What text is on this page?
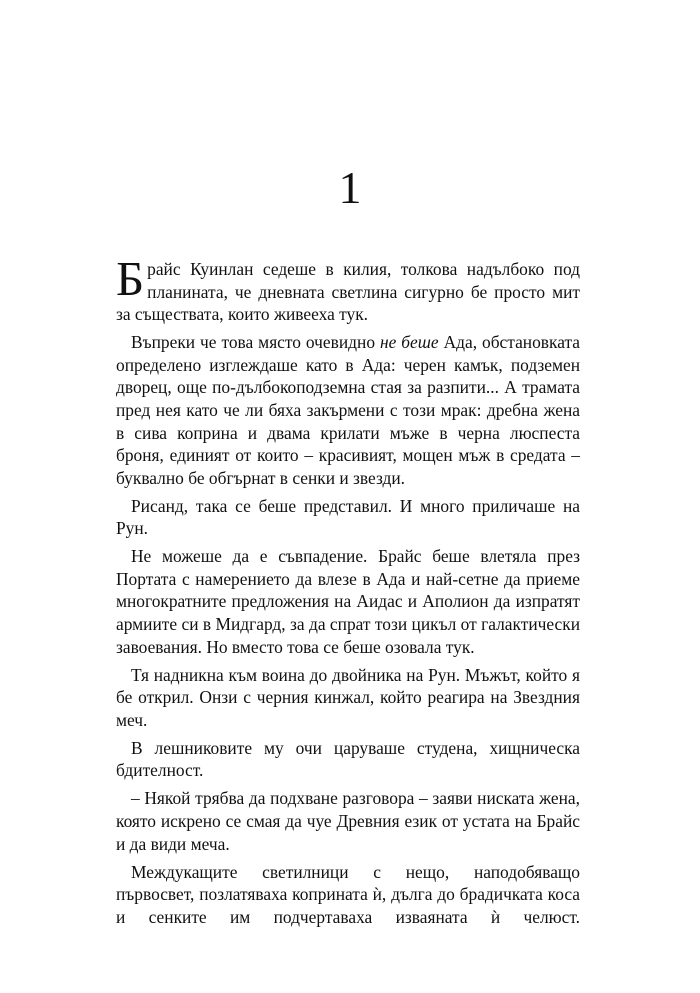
1

Брайс Куинлан седеше в килия, толкова надълбоко под планината, че дневната светлина сигурно бе просто мит за съществата, които живееха тук.

Въпреки че това място очевидно не беше Ада, обстановката определено изглеждаше като в Ада: черен камък, подземен дворец, още по-дълбокоподземна стая за разпити... А трамата пред нея като че ли бяха закърмени с този мрак: дребна жена в сива коприна и двама крилати мъже в черна люспеста броня, единият от които – красивият, мощен мъж в средата – буквално бе обгърнат в сенки и звезди.

Рисанд, така се беше представил. И много приличаше на Рун.

Не можеше да е съвпадение. Брайс беше влетяла през Портата с намерението да влезе в Ада и най-сетне да приеме многократните предложения на Аидас и Аполион да изпратят армиите си в Мидгард, за да спрат този цикъл от галактически завоевания. Но вместо това се беше озовала тук.

Тя надникна към воина до двойника на Рун. Мъжът, който я бе открил. Онзи с черния кинжал, който реагира на Звездния меч.

В лешниковите му очи царуваше студена, хищническа бдителност.

– Някой трябва да подхване разговора – заяви ниската жена, която искрено се смая да чуе Древния език от устата на Брайс и да види меча.

Междукащите светилници с нещо, наподобяващо първосвет, позлатяваха коприната ѝ, дълга до брадичката коса и сенките им подчертаваха изваяната ѝ челюст.
